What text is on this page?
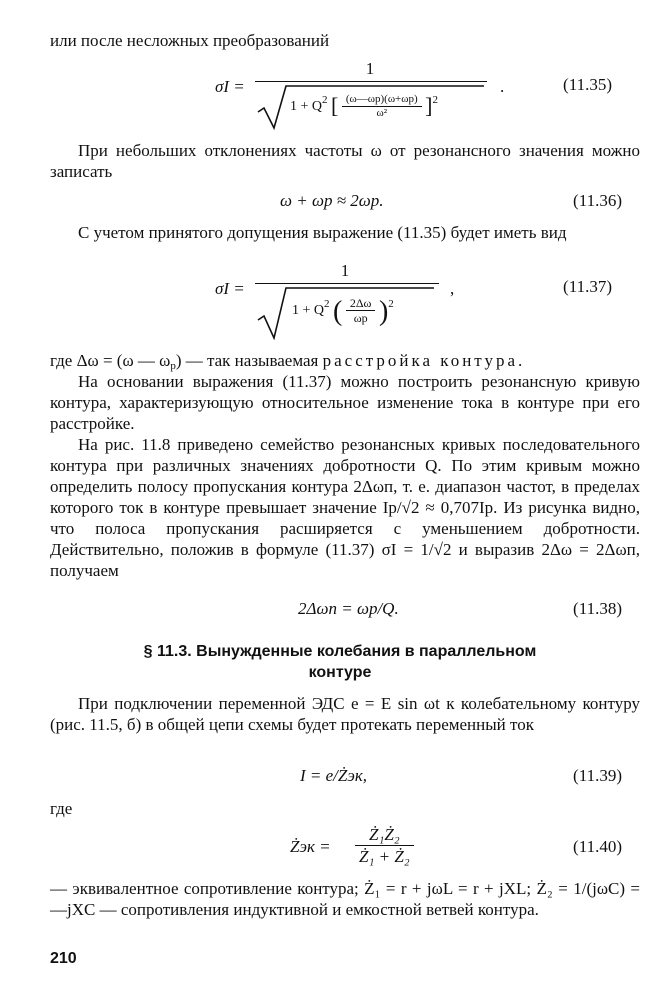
или после несложных преобразований
σI =
1
$1 + Q^2$ [ $\frac{(\omega—\omega р)(\omega+\omega р)}{\text{ω²}} ]^2$
.	(11.35)
При небольших отклонениях частоты ω от резонансного значения можно записать
ω + ωр ≈ 2ωр.	(11.36)
С учетом принятого допущения выражение (11.35) будет иметь вид
σI =
1
$1 + Q^2$ ( $\frac{2\Delta\omega}{\omega р} )^2$
,	(11.37)
где Δω = (ω — $\omega_р$) — так называемая расстройка контура.
На основании выражения (11.37) можно построить резонансную кривую контура, характеризующую относительное изменение тока в контуре при его расстройке.
На рис. 11.8 приведено семейство резонансных кривых последовательного контура при различных значениях добротности Q. По этим кривым можно определить полосу пропускания контура 2Δωп, т. е. диапазон частот, в пределах которого ток в контуре превышает значение Iр/√2 ≈ 0,707Iр. Из рисунка видно, что полоса пропускания расширяется с уменьшением добротности. Действительно, положив в формуле (11.37) σI = 1/√2 и выразив 2Δω = 2Δωп, получаем
2Δωп = ωр/Q.	(11.38)
§ 11.3. Вынужденные колебания в параллельном
контуре
При подключении переменной ЭДС e = E sin ωt к колебательному контуру (рис. 11.5, б) в общей цепи схемы будет протекать переменный ток
I = e/Żэк,	(11.39)
где
Żэк = $\frac{\text{Ż₁Ż₂}}{\text{Ż₁ + Ż₂}}$	(11.40)
— эквивалентное сопротивление контура; Ż₁ = r + jωL = r + jXL; Ż₂ = 1/(jωC) = —jXC — сопротивления индуктивной и емкостной ветвей контура.
210
